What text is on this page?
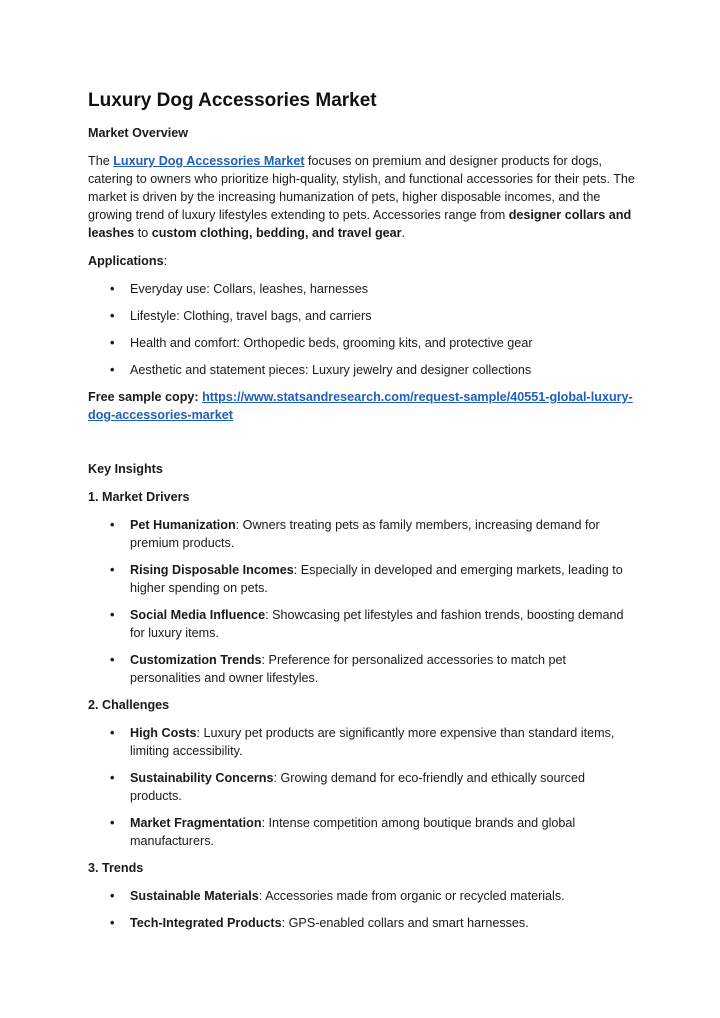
Luxury Dog Accessories Market
Market Overview

The Luxury Dog Accessories Market focuses on premium and designer products for dogs, catering to owners who prioritize high-quality, stylish, and functional accessories for their pets. The market is driven by the increasing humanization of pets, higher disposable incomes, and the growing trend of luxury lifestyles extending to pets. Accessories range from designer collars and leashes to custom clothing, bedding, and travel gear.

Applications:

• Everyday use: Collars, leashes, harnesses
• Lifestyle: Clothing, travel bags, and carriers
• Health and comfort: Orthopedic beds, grooming kits, and protective gear
• Aesthetic and statement pieces: Luxury jewelry and designer collections

Free sample copy: https://www.statsandresearch.com/request-sample/40551-global-luxury-dog-accessories-market

Key Insights
1. Market Drivers
• Pet Humanization: Owners treating pets as family members, increasing demand for premium products.
• Rising Disposable Incomes: Especially in developed and emerging markets, leading to higher spending on pets.
• Social Media Influence: Showcasing pet lifestyles and fashion trends, boosting demand for luxury items.
• Customization Trends: Preference for personalized accessories to match pet personalities and owner lifestyles.
2. Challenges
• High Costs: Luxury pet products are significantly more expensive than standard items, limiting accessibility.
• Sustainability Concerns: Growing demand for eco-friendly and ethically sourced products.
• Market Fragmentation: Intense competition among boutique brands and global manufacturers.
3. Trends
• Sustainable Materials: Accessories made from organic or recycled materials.
• Tech-Integrated Products: GPS-enabled collars and smart harnesses.
